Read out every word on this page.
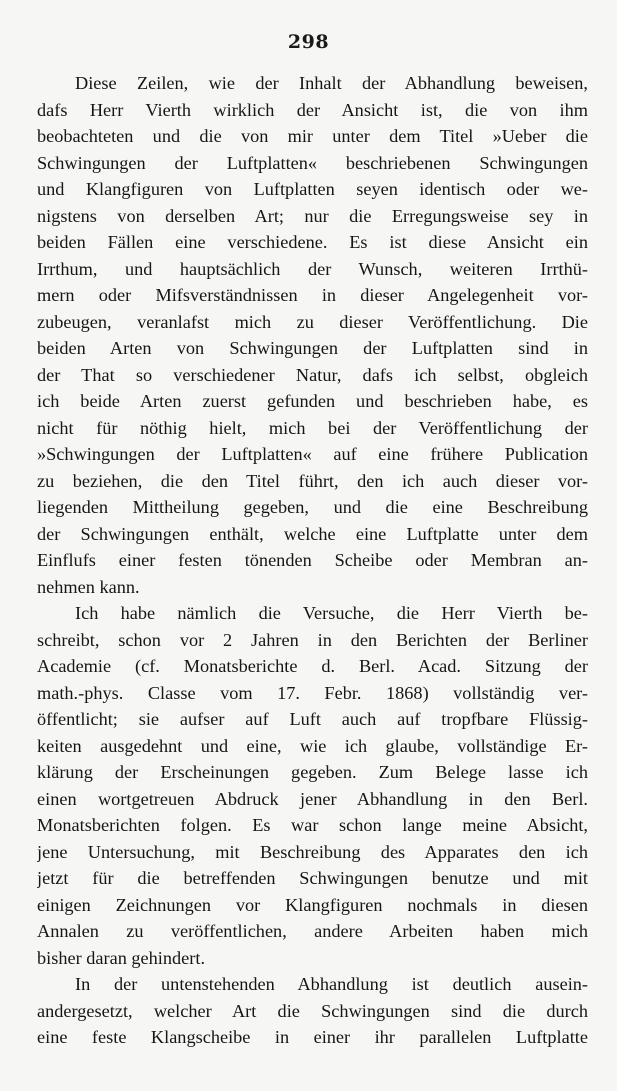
298
Diese Zeilen, wie der Inhalt der Abhandlung beweisen,
dafs Herr Vierth wirklich der Ansicht ist, die von ihm
beobachteten und die von mir unter dem Titel »Ueber die
Schwingungen der Luftplatten« beschriebenen Schwingungen
und Klangfiguren von Luftplatten seyen identisch oder we-
nigstens von derselben Art; nur die Erregungsweise sey in
beiden Fällen eine verschiedene. Es ist diese Ansicht ein
Irrthum, und hauptsächlich der Wunsch, weiteren Irrthü-
mern oder Mifsverständnissen in dieser Angelegenheit vor-
zubeugen, veranlafst mich zu dieser Veröffentlichung. Die
beiden Arten von Schwingungen der Luftplatten sind in
der That so verschiedener Natur, dafs ich selbst, obgleich
ich beide Arten zuerst gefunden und beschrieben habe, es
nicht für nöthig hielt, mich bei der Veröffentlichung der
»Schwingungen der Luftplatten« auf eine frühere Publication
zu beziehen, die den Titel führt, den ich auch dieser vor-
liegenden Mittheilung gegeben, und die eine Beschreibung
der Schwingungen enthält, welche eine Luftplatte unter dem
Einflufs einer festen tönenden Scheibe oder Membran an-
nehmen kann.
Ich habe nämlich die Versuche, die Herr Vierth be-
schreibt, schon vor 2 Jahren in den Berichten der Berliner
Academie (cf. Monatsberichte d. Berl. Acad. Sitzung der
math.-phys. Classe vom 17. Febr. 1868) vollständig ver-
öffentlicht; sie aufser auf Luft auch auf tropfbare Flüssig-
keiten ausgedehnt und eine, wie ich glaube, vollständige Er-
klärung der Erscheinungen gegeben. Zum Belege lasse ich
einen wortgetreuen Abdruck jener Abhandlung in den Berl.
Monatsberichten folgen. Es war schon lange meine Absicht,
jene Untersuchung, mit Beschreibung des Apparates den ich
jetzt für die betreffenden Schwingungen benutze und mit
einigen Zeichnungen vor Klangfiguren nochmals in diesen
Annalen zu veröffentlichen, andere Arbeiten haben mich
bisher daran gehindert.
In der untenstehenden Abhandlung ist deutlich ausein-
andergesetzt, welcher Art die Schwingungen sind die durch
eine feste Klangscheibe in einer ihr parallelen Luftplatte
